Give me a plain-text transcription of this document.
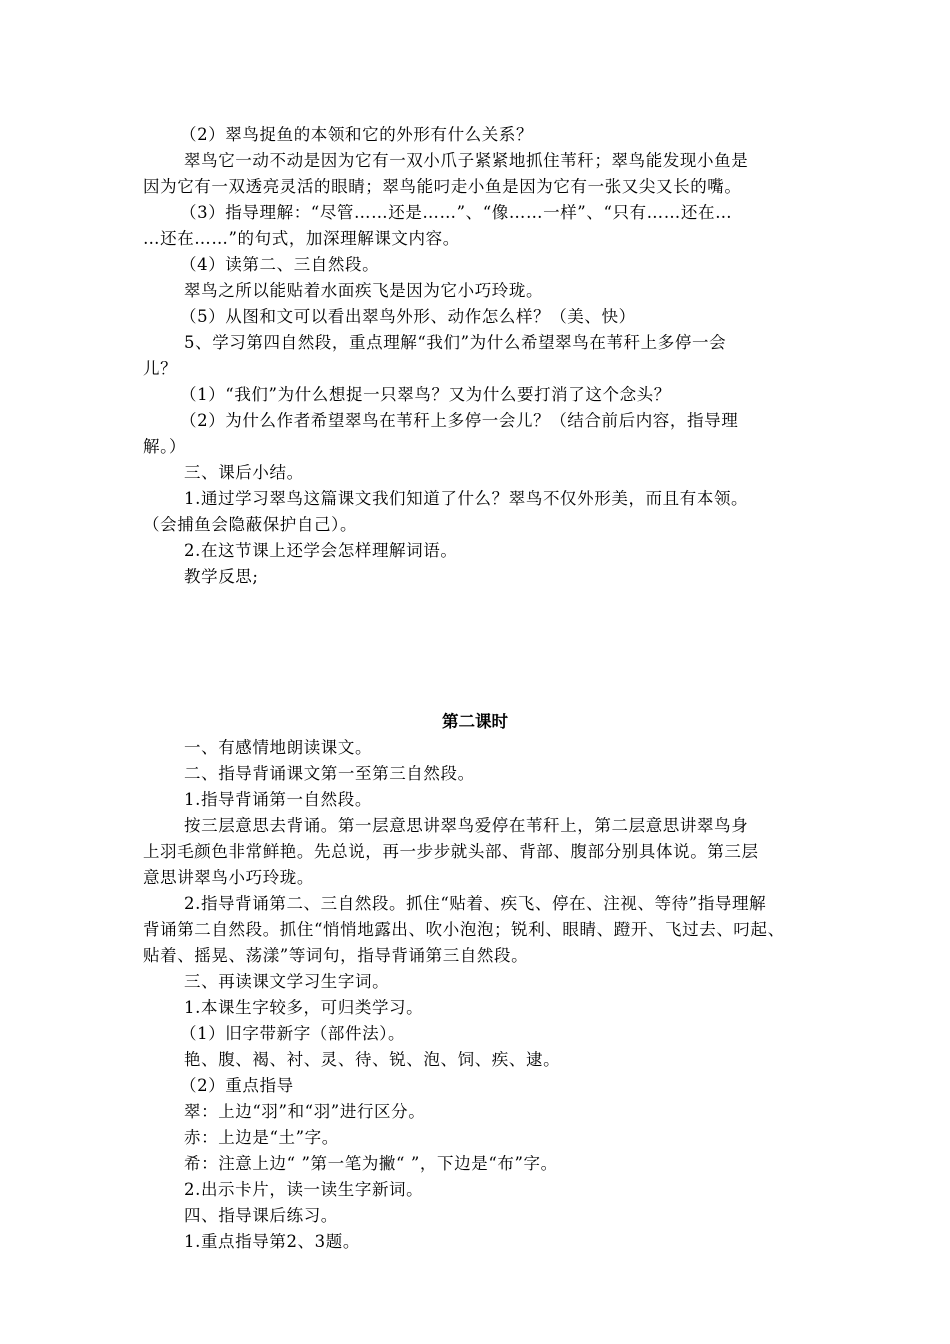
（2）翠鸟捉鱼的本领和它的外形有什么关系？
翠鸟它一动不动是因为它有一双小爪子紧紧地抓住苇秆；翠鸟能发现小鱼是
因为它有一双透亮灵活的眼睛；翠鸟能叼走小鱼是因为它有一张又尖又长的嘴。
（3）指导理解：“尽管……还是……”、“像……一样”、“只有……还在…
…还在……”的句式，加深理解课文内容。
（4）读第二、三自然段。
翠鸟之所以能贴着水面疾飞是因为它小巧玲珑。
（5）从图和文可以看出翠鸟外形、动作怎么样？（美、快）
5、学习第四自然段，重点理解“我们”为什么希望翠鸟在苇秆上多停一会
儿？
（1）“我们”为什么想捉一只翠鸟？又为什么要打消了这个念头？
（2）为什么作者希望翠鸟在苇秆上多停一会儿？（结合前后内容，指导理
解。）
三、课后小结。
1.通过学习翠鸟这篇课文我们知道了什么？翠鸟不仅外形美，而且有本领。
（会捕鱼会隐蔽保护自己）。
2.在这节课上还学会怎样理解词语。
教学反思;
第二课时
一、有感情地朗读课文。
二、指导背诵课文第一至第三自然段。
1.指导背诵第一自然段。
按三层意思去背诵。第一层意思讲翠鸟爱停在苇秆上，第二层意思讲翠鸟身
上羽毛颜色非常鲜艳。先总说，再一步步就头部、背部、腹部分别具体说。第三层
意思讲翠鸟小巧玲珑。
2.指导背诵第二、三自然段。抓住“贴着、疾飞、停在、注视、等待”指导理解
背诵第二自然段。抓住“悄悄地露出、吹小泡泡；锐利、眼睛、蹬开、飞过去、叼起、
贴着、摇晃、荡漾”等词句，指导背诵第三自然段。
三、再读课文学习生字词。
1.本课生字较多，可归类学习。
（1）旧字带新字（部件法）。
艳、腹、褐、衬、灵、待、锐、泡、饲、疾、逮。
（2）重点指导
翠：上边“羽”和“羽”进行区分。
赤：上边是“土”字。
希：注意上边“ ”第一笔为撇“ ”，下边是“布”字。
2.出示卡片，读一读生字新词。
四、指导课后练习。
1.重点指导第2、3题。
